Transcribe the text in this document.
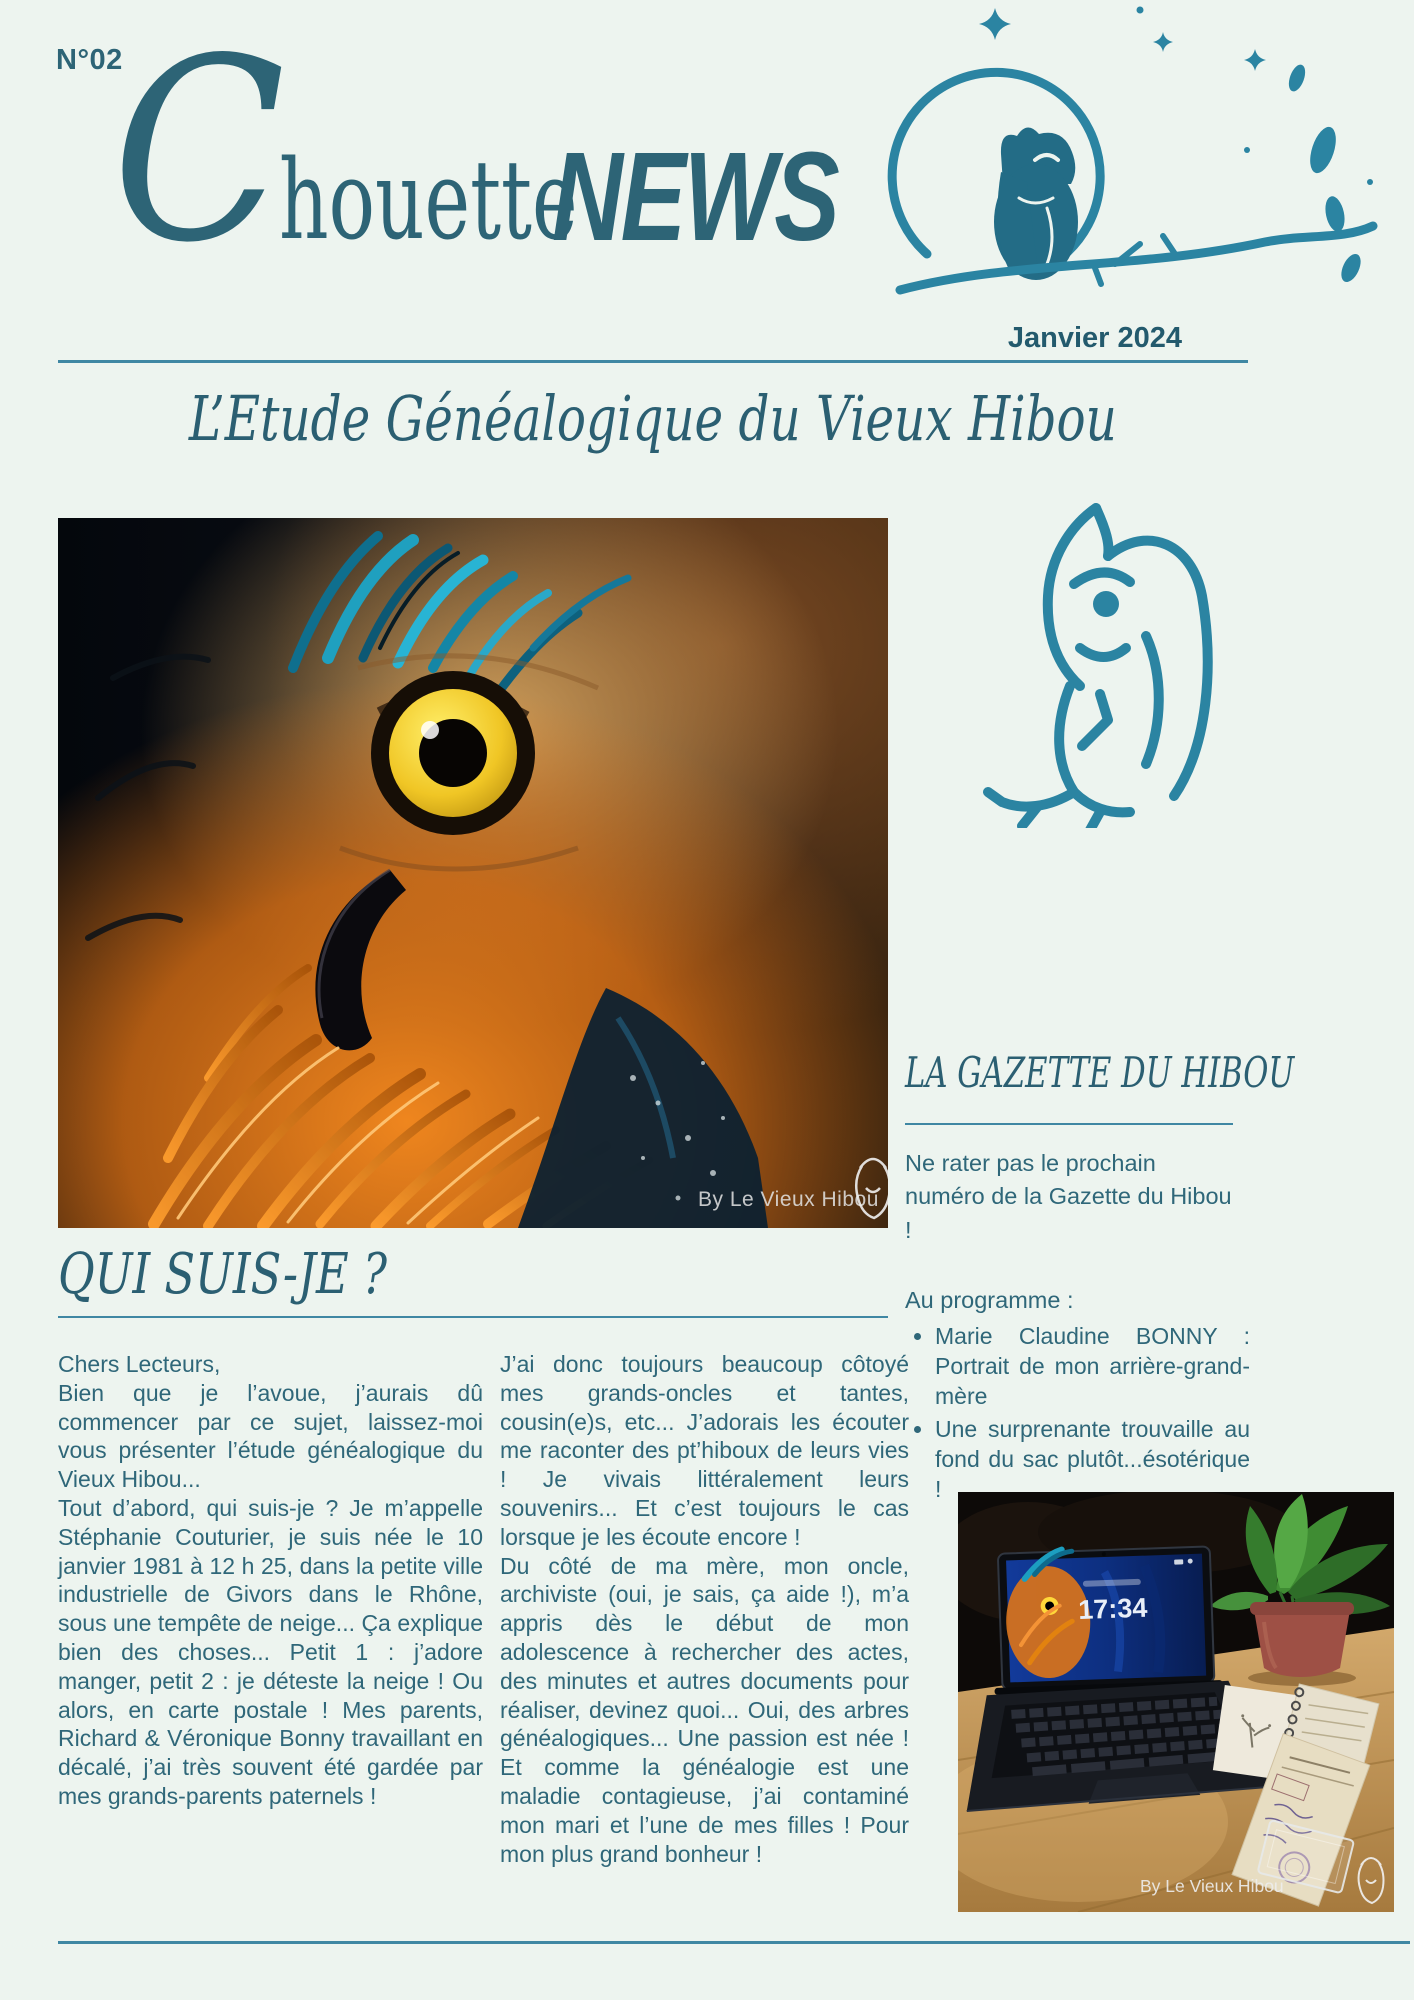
N°02
C
houette
NEWS
Janvier 2024
L’Etude Généalogique du Vieux Hibou
By Le Vieux Hibou
LA GAZETTE DU HIBOU

Ne rater pas le prochain numéro de la Gazette du Hibou !

Au programme :

• Marie Claudine BONNY : Portrait de mon arrière-grand-mère
• Une surprenante trouvaille au fond du sac plutôt...ésotérique !
QUI SUIS-JE ?

Chers Lecteurs,

Bien que je l’avoue, j’aurais dû commencer par ce sujet, laissez-moi vous présenter l’étude généalogique du Vieux Hibou...

Tout d’abord, qui suis-je ? Je m’appelle Stéphanie Couturier, je suis née le 10 janvier 1981 à 12 h 25, dans la petite ville industrielle de Givors dans le Rhône, sous une tempête de neige... Ça explique bien des choses... Petit 1 : j’adore manger, petit 2 : je déteste la neige ! Ou alors, en carte postale ! Mes parents, Richard & Véronique Bonny travaillant en décalé, j’ai très souvent été gardée par mes grands-parents paternels !

J’ai donc toujours beaucoup côtoyé mes grands-oncles et tantes, cousin(e)s, etc... J’adorais les écouter me raconter des pt’hiboux de leurs vies ! Je vivais littéralement leurs souvenirs... Et c’est toujours le cas lorsque je les écoute encore !

Du côté de ma mère, mon oncle, archiviste (oui, je sais, ça aide !), m’a appris dès le début de mon adolescence à rechercher des actes, des minutes et autres documents pour réaliser, devinez quoi... Oui, des arbres généalogiques... Une passion est née ! Et comme la généalogie est une maladie contagieuse, j’ai contaminé mon mari et l’une de mes filles ! Pour mon plus grand bonheur !

17:34
By Le Vieux Hibou
